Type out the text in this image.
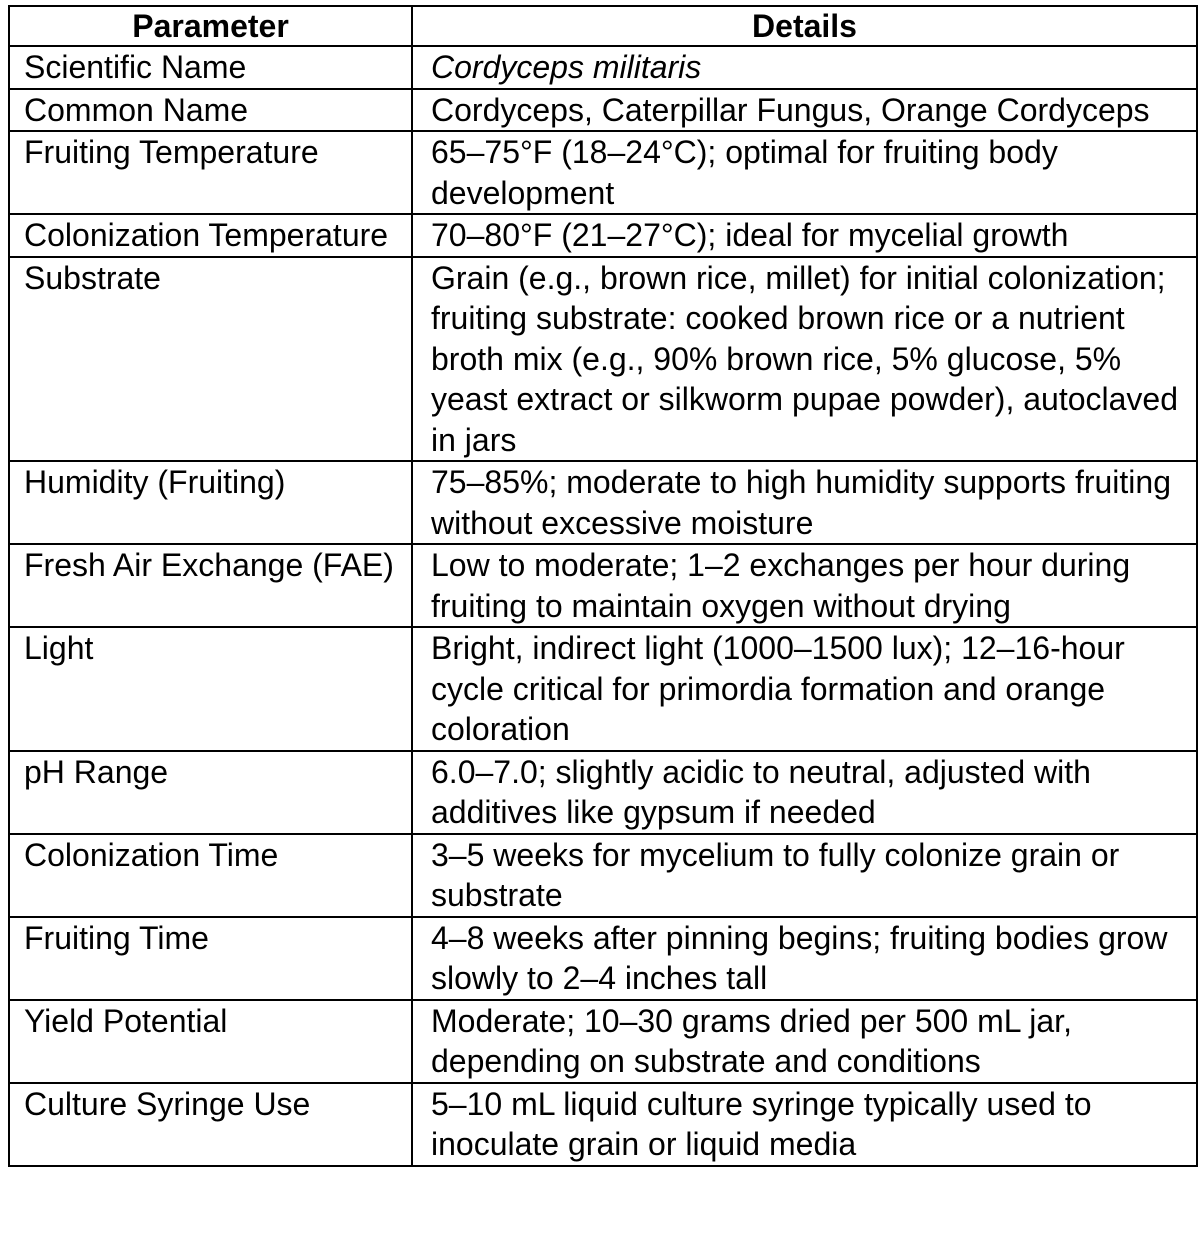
Parameter	Details
Scientific Name	Cordyceps militaris
Common Name	Cordyceps, Caterpillar Fungus, Orange Cordyceps
Fruiting Temperature	65–75°F (18–24°C); optimal for fruiting body development
Colonization Temperature	70–80°F (21–27°C); ideal for mycelial growth
Substrate	Grain (e.g., brown rice, millet) for initial colonization; fruiting substrate: cooked brown rice or a nutrient broth mix (e.g., 90% brown rice, 5% glucose, 5% yeast extract or silkworm pupae powder), autoclaved in jars
Humidity (Fruiting)	75–85%; moderate to high humidity supports fruiting without excessive moisture
Fresh Air Exchange (FAE)	Low to moderate; 1–2 exchanges per hour during fruiting to maintain oxygen without drying
Light	Bright, indirect light (1000–1500 lux); 12–16-hour cycle critical for primordia formation and orange coloration
pH Range	6.0–7.0; slightly acidic to neutral, adjusted with additives like gypsum if needed
Colonization Time	3–5 weeks for mycelium to fully colonize grain or substrate
Fruiting Time	4–8 weeks after pinning begins; fruiting bodies grow slowly to 2–4 inches tall
Yield Potential	Moderate; 10–30 grams dried per 500 mL jar, depending on substrate and conditions
Culture Syringe Use	5–10 mL liquid culture syringe typically used to inoculate grain or liquid media
